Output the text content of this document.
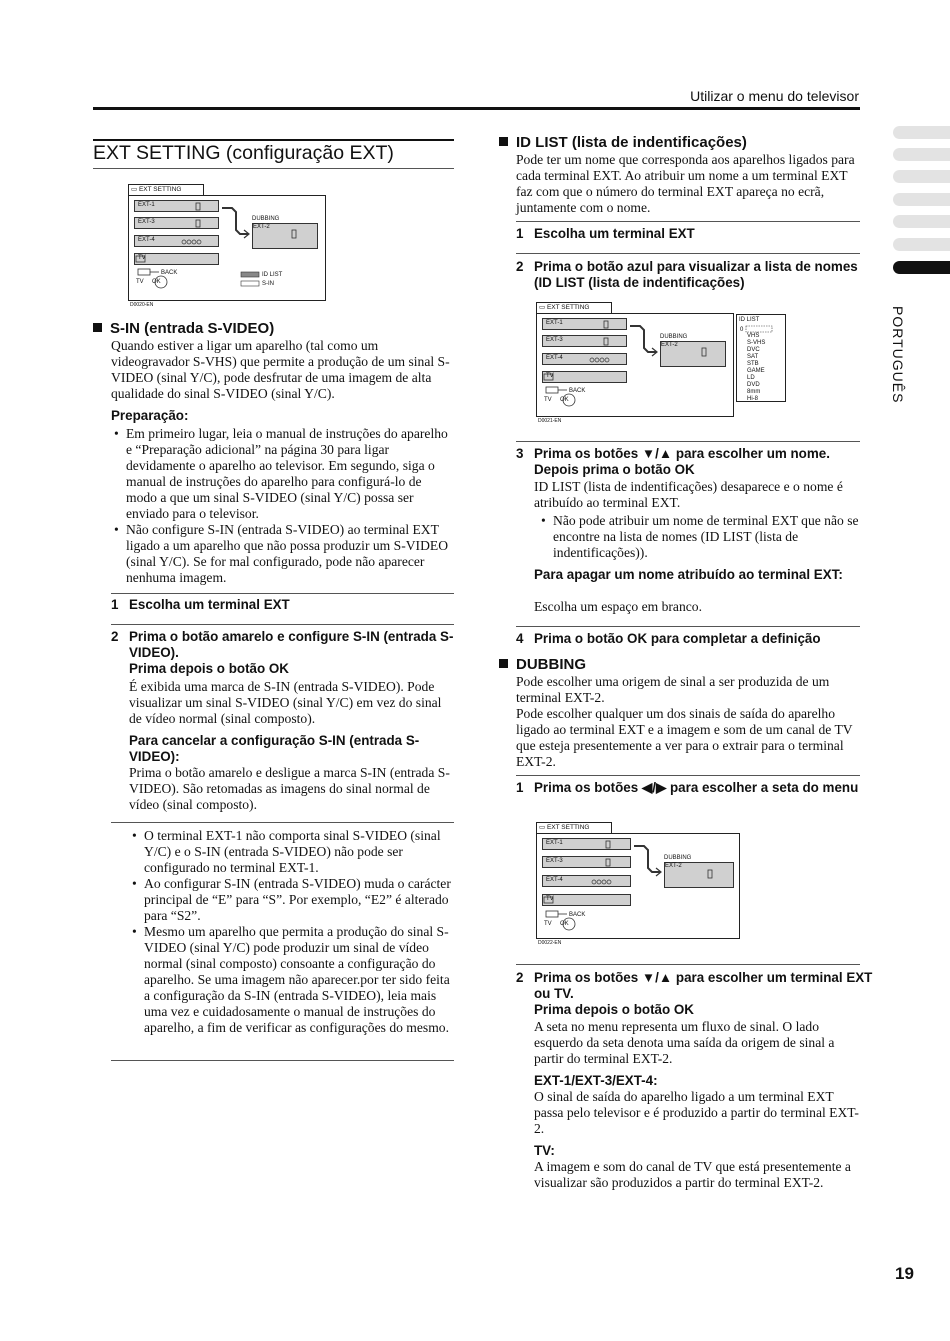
Utilizar o menu do televisor
PORTUGUÊS
EXT SETTING (configuração EXT)
▭ EXT SETTING
EXT-1
EXT-3
EXT-4
TV
DUBBING
EXT-2
BACK
OK
TV
ID LIST
S-IN
D0020-EN
S-IN (entrada S-VIDEO)

Quando estiver a ligar um aparelho (tal como um videogravador S-VHS) que permite a produção de um sinal S-VIDEO (sinal Y/C), pode desfrutar de uma imagem de alta qualidade do sinal S-VIDEO (sinal Y/C).

Preparação:
• Em primeiro lugar, leia o manual de instruções do aparelho e “Preparação adicional” na página 30 para ligar devidamente o aparelho ao televisor. Em segundo, siga o manual de instruções do aparelho para configurá-lo de modo a que um sinal S-VIDEO (sinal Y/C) possa ser enviado para o televisor.
• Não configure S-IN (entrada S-VIDEO) ao terminal EXT ligado a um aparelho que não possa produzir um S-VIDEO (sinal Y/C). Se for mal configurado, pode não aparecer nenhuma imagem.

1 Escolha um terminal EXT

2 Prima o botão amarelo e configure S-IN (entrada S-VIDEO).
Prima depois o botão OK

É exibida uma marca de S-IN (entrada S-VIDEO). Pode visualizar um sinal S-VIDEO (sinal Y/C) em vez do sinal de vídeo normal (sinal composto).

Para cancelar a configuração S-IN (entrada S-VIDEO):

Prima o botão amarelo e desligue a marca S-IN (entrada S-VIDEO). São retomadas as imagens do sinal normal de vídeo (sinal composto).

• O terminal EXT-1 não comporta sinal S-VIDEO (sinal Y/C) e o S-IN (entrada S-VIDEO) não pode ser configurado no terminal EXT-1.
• Ao configurar S-IN (entrada S-VIDEO) muda o carácter principal de “E” para “S”. Por exemplo, “E2” é alterado para “S2”.
• Mesmo um aparelho que permita a produção do sinal S-VIDEO (sinal Y/C) pode produzir um sinal de vídeo normal (sinal composto) consoante a configuração do aparelho. Se uma imagem não aparecer.por ter sido feita a configuração da S-IN (entrada S-VIDEO), leia mais uma vez e cuidadosamente o manual de instruções do aparelho, a fim de verificar as configurações do mesmo.
ID LIST (lista de indentificações)

Pode ter um nome que corresponda aos aparelhos ligados para cada terminal EXT. Ao atribuir um nome a um terminal EXT faz com que o número do terminal EXT apareça no ecrã, juntamente com o nome.

1 Escolha um terminal EXT

2 Prima o botão azul para visualizar a lista de nomes (ID LIST (lista de indentificações)

▭ EXT SETTING
EXT-1
EXT-3
EXT-4
TV
DUBBING
EXT-2
BACK
OK
TV
D0021-EN
ID LIST
VHS
S-VHS
DVC
SAT
STB
GAME
LD
DVD
8mm
Hi-8
0

3 Prima os botões ▼/▲ para escolher um nome.
Depois prima o botão OK

ID LIST (lista de indentificações) desaparece e o nome é atribuído ao terminal EXT.

• Não pode atribuir um nome de terminal EXT que não se encontre na lista de nomes (ID LIST (lista de indentificações)).
Para apagar um nome atribuído ao terminal EXT:

Escolha um espaço em branco.

4 Prima o botão OK para completar a definição

DUBBING

Pode escolher uma origem de sinal a ser produzida de um terminal EXT-2.

Pode escolher qualquer um dos sinais de saída do aparelho ligado ao terminal EXT e a imagem e som de um canal de TV que esteja presentemente a ver para o extrair para o terminal EXT-2.

1 Prima os botões ◀/▶ para escolher a seta do menu

▭ EXT SETTING
EXT-1
EXT-3
EXT-4
TV
DUBBING
EXT-2
BACK
OK
TV
D0022-EN

2 Prima os botões ▼/▲ para escolher um terminal EXT ou TV.
Prima depois o botão OK

A seta no menu representa um fluxo de sinal. O lado esquerdo da seta denota uma saída da origem de sinal a partir do terminal EXT-2.

EXT-1/EXT-3/EXT-4:

O sinal de saída do aparelho ligado a um terminal EXT passa pelo televisor e é produzido a partir do terminal EXT-2.

TV:

A imagem e som do canal de TV que está presentemente a visualizar são produzidos a partir do terminal EXT-2.

19
